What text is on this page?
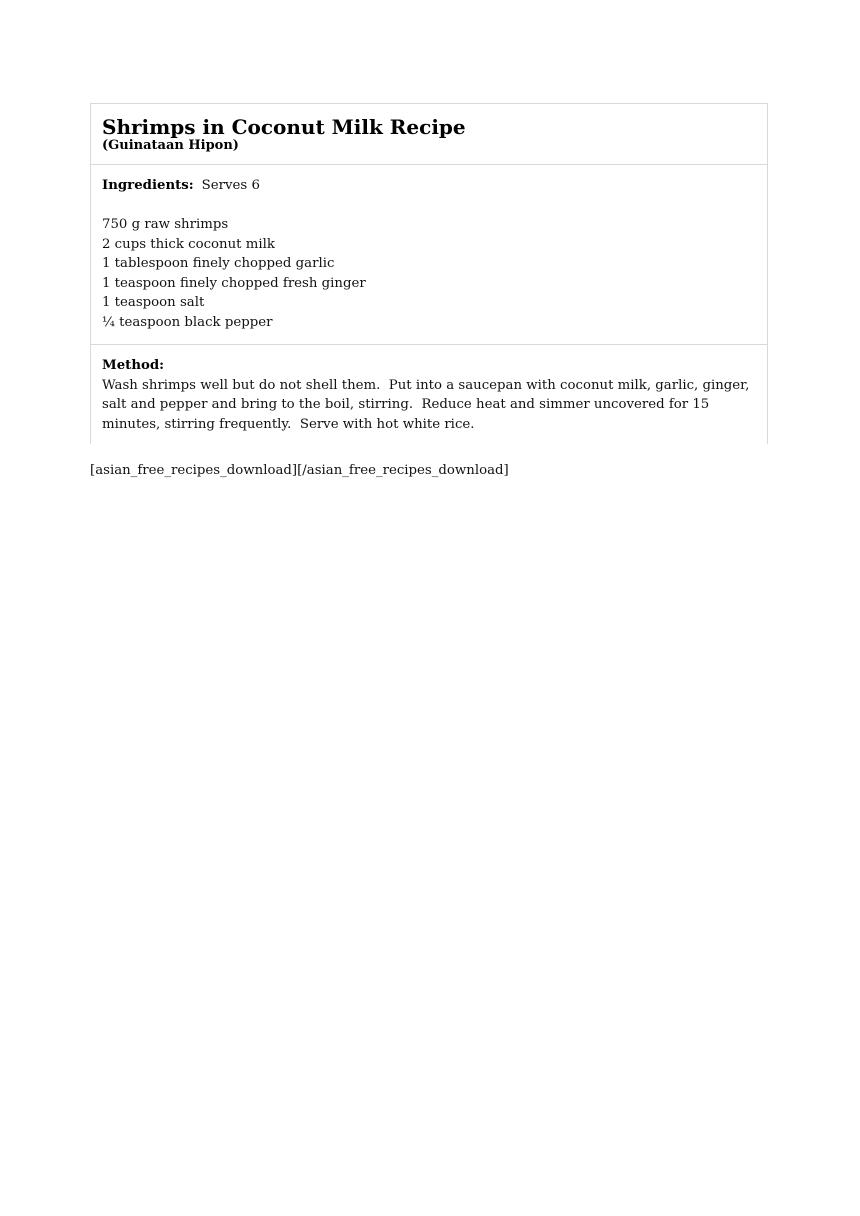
Shrimps in Coconut Milk Recipe
(Guinataan Hipon)
Ingredients: Serves 6
750 g raw shrimps
2 cups thick coconut milk
1 tablespoon finely chopped garlic
1 teaspoon finely chopped fresh ginger
1 teaspoon salt
¼ teaspoon black pepper
Method:

Wash shrimps well but do not shell them.  Put into a saucepan with coconut milk, garlic, ginger, salt and pepper and bring to the boil, stirring.  Reduce heat and simmer uncovered for 15 minutes, stirring frequently.  Serve with hot white rice.

[asian_free_recipes_download][/asian_free_recipes_download]
